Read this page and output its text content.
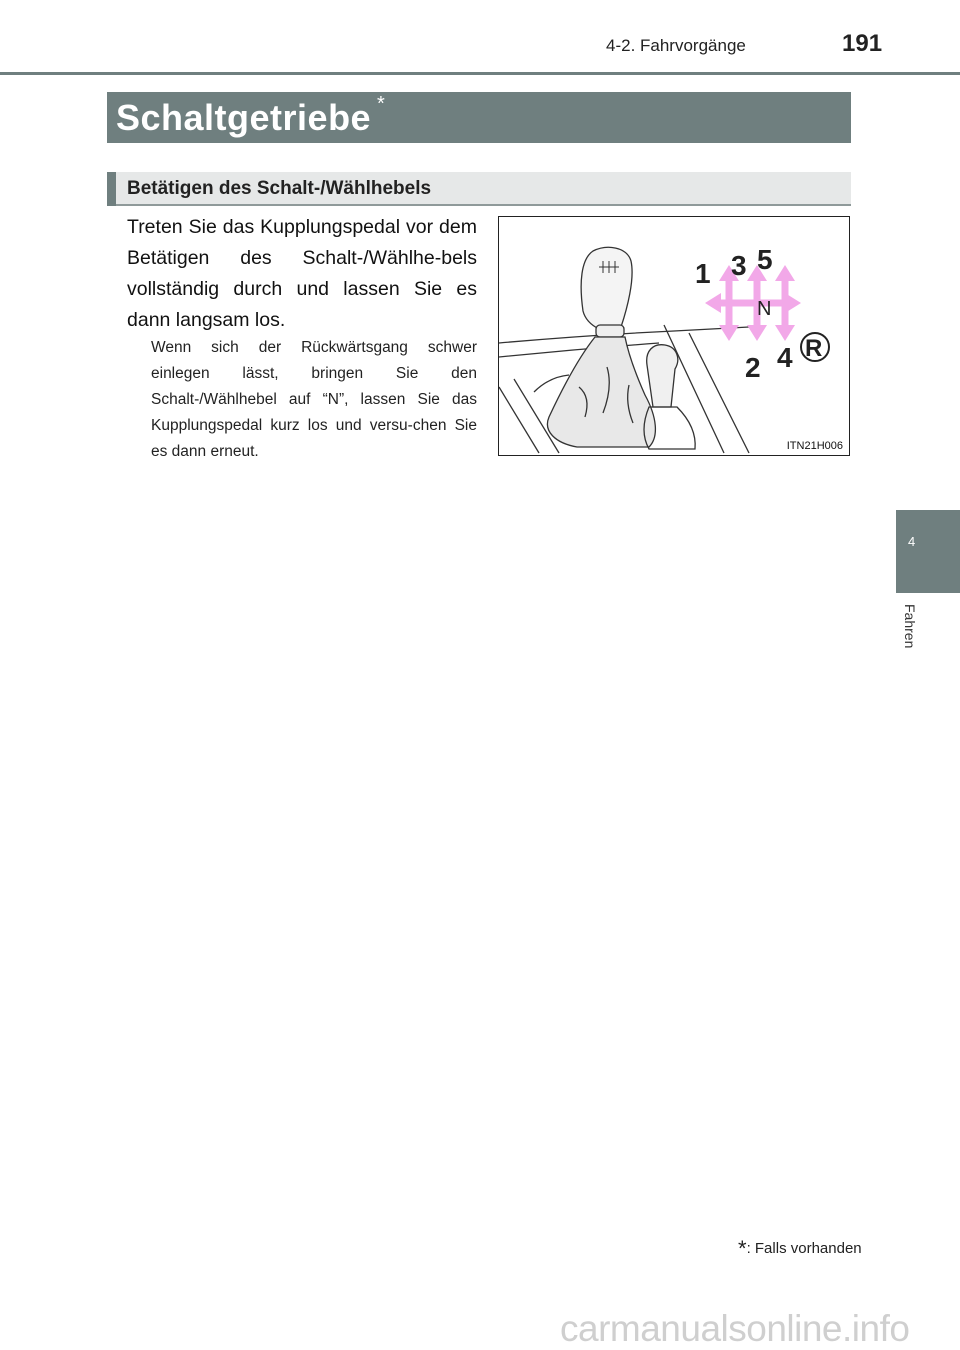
4-2. Fahrvorgänge	191
Schaltgetriebe *
Betätigen des Schalt-/Wählhebels
Treten Sie das Kupplungspedal vor dem Betätigen des Schalt-/Wählhe-bels vollständig durch und lassen Sie es dann langsam los.
Wenn sich der Rückwärtsgang schwer einlegen lässt, bringen Sie den Schalt-/Wählhebel auf “N”, lassen Sie das Kupplungspedal kurz los und versu-chen Sie es dann erneut.
1 3 5
N
2 4 R
ITN21H006
4
Fahren
*: Falls vorhanden
carmanualsonline.info
